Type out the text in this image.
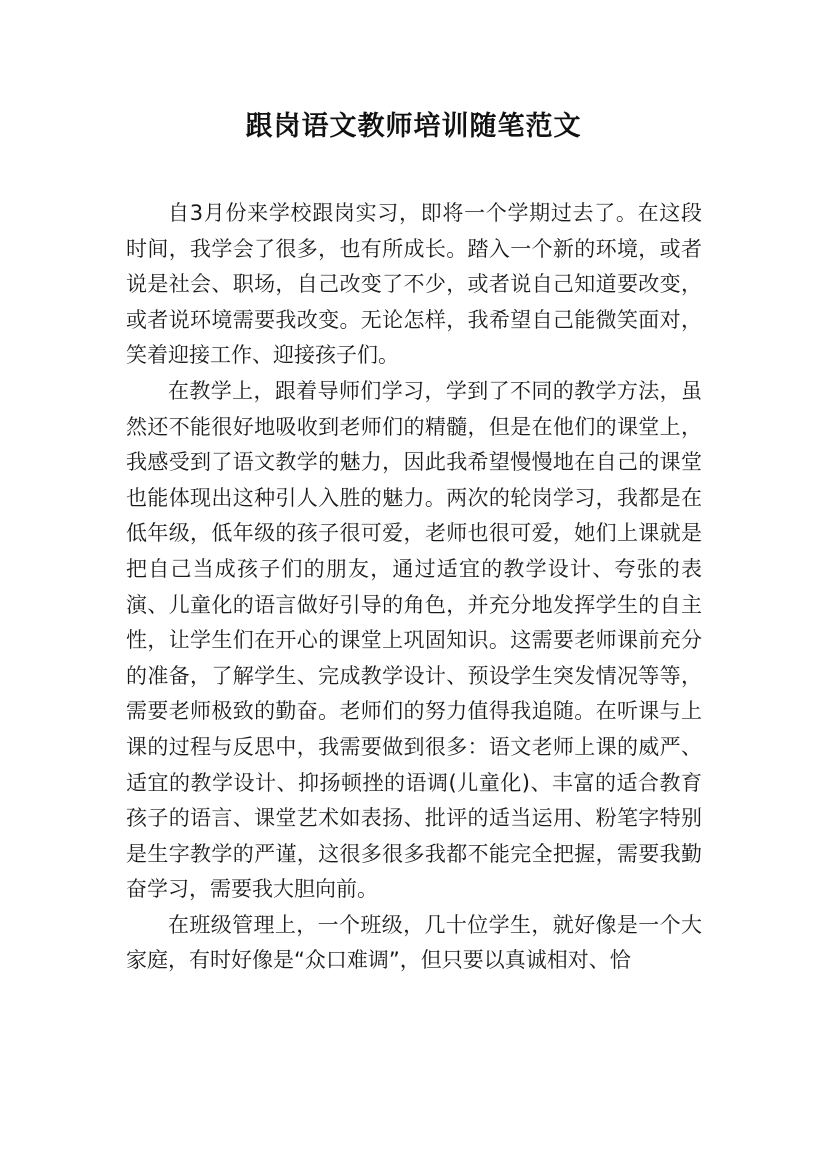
跟岗语文教师培训随笔范文

自3月份来学校跟岗实习，即将一个学期过去了。在这段时间，我学会了很多，也有所成长。踏入一个新的环境，或者说是社会、职场，自己改变了不少，或者说自己知道要改变，或者说环境需要我改变。无论怎样，我希望自己能微笑面对，笑着迎接工作、迎接孩子们。

在教学上，跟着导师们学习，学到了不同的教学方法，虽然还不能很好地吸收到老师们的精髓，但是在他们的课堂上，我感受到了语文教学的魅力，因此我希望慢慢地在自己的课堂也能体现出这种引人入胜的魅力。两次的轮岗学习，我都是在低年级，低年级的孩子很可爱，老师也很可爱，她们上课就是把自己当成孩子们的朋友，通过适宜的教学设计、夸张的表演、儿童化的语言做好引导的角色，并充分地发挥学生的自主性，让学生们在开心的课堂上巩固知识。这需要老师课前充分的准备，了解学生、完成教学设计、预设学生突发情况等等，需要老师极致的勤奋。老师们的努力值得我追随。在听课与上课的过程与反思中，我需要做到很多：语文老师上课的威严、适宜的教学设计、抑扬顿挫的语调(儿童化)、丰富的适合教育孩子的语言、课堂艺术如表扬、批评的适当运用、粉笔字特别是生字教学的严谨，这很多很多我都不能完全把握，需要我勤奋学习，需要我大胆向前。

在班级管理上，一个班级，几十位学生，就好像是一个大家庭，有时好像是“众口难调”，但只要以真诚相对、恰
